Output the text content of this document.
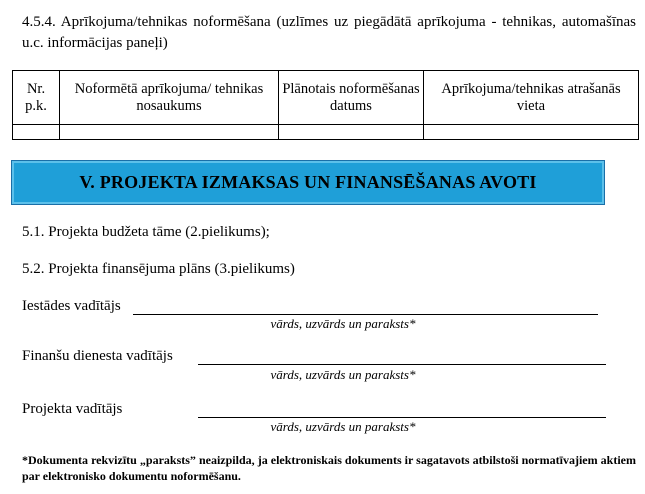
4.5.4. Aprīkojuma/tehnikas noformēšana (uzlīmes uz piegādātā aprīkojuma - tehnikas, automašīnas u.c. informācijas paneļi)

Nr. p.k.	Noformētā aprīkojuma/ tehnikas nosaukums	Plānotais noformēšanas datums	Aprīkojuma/tehnikas atrašanās vieta

V. PROJEKTA IZMAKSAS UN FINANSĒŠANAS AVOTI

5.1. Projekta budžeta tāme (2.pielikums);

5.2. Projekta finansējuma plāns (3.pielikums)

Iestādes vadītājs
vārds, uzvārds un paraksts*
Finanšu dienesta vadītājs
vārds, uzvārds un paraksts*
Projekta vadītājs
vārds, uzvārds un paraksts*

*Dokumenta rekvizītu „paraksts” neaizpilda, ja elektroniskais dokuments ir sagatavots atbilstoši normatīvajiem aktiem par elektronisko dokumentu noformēšanu.
